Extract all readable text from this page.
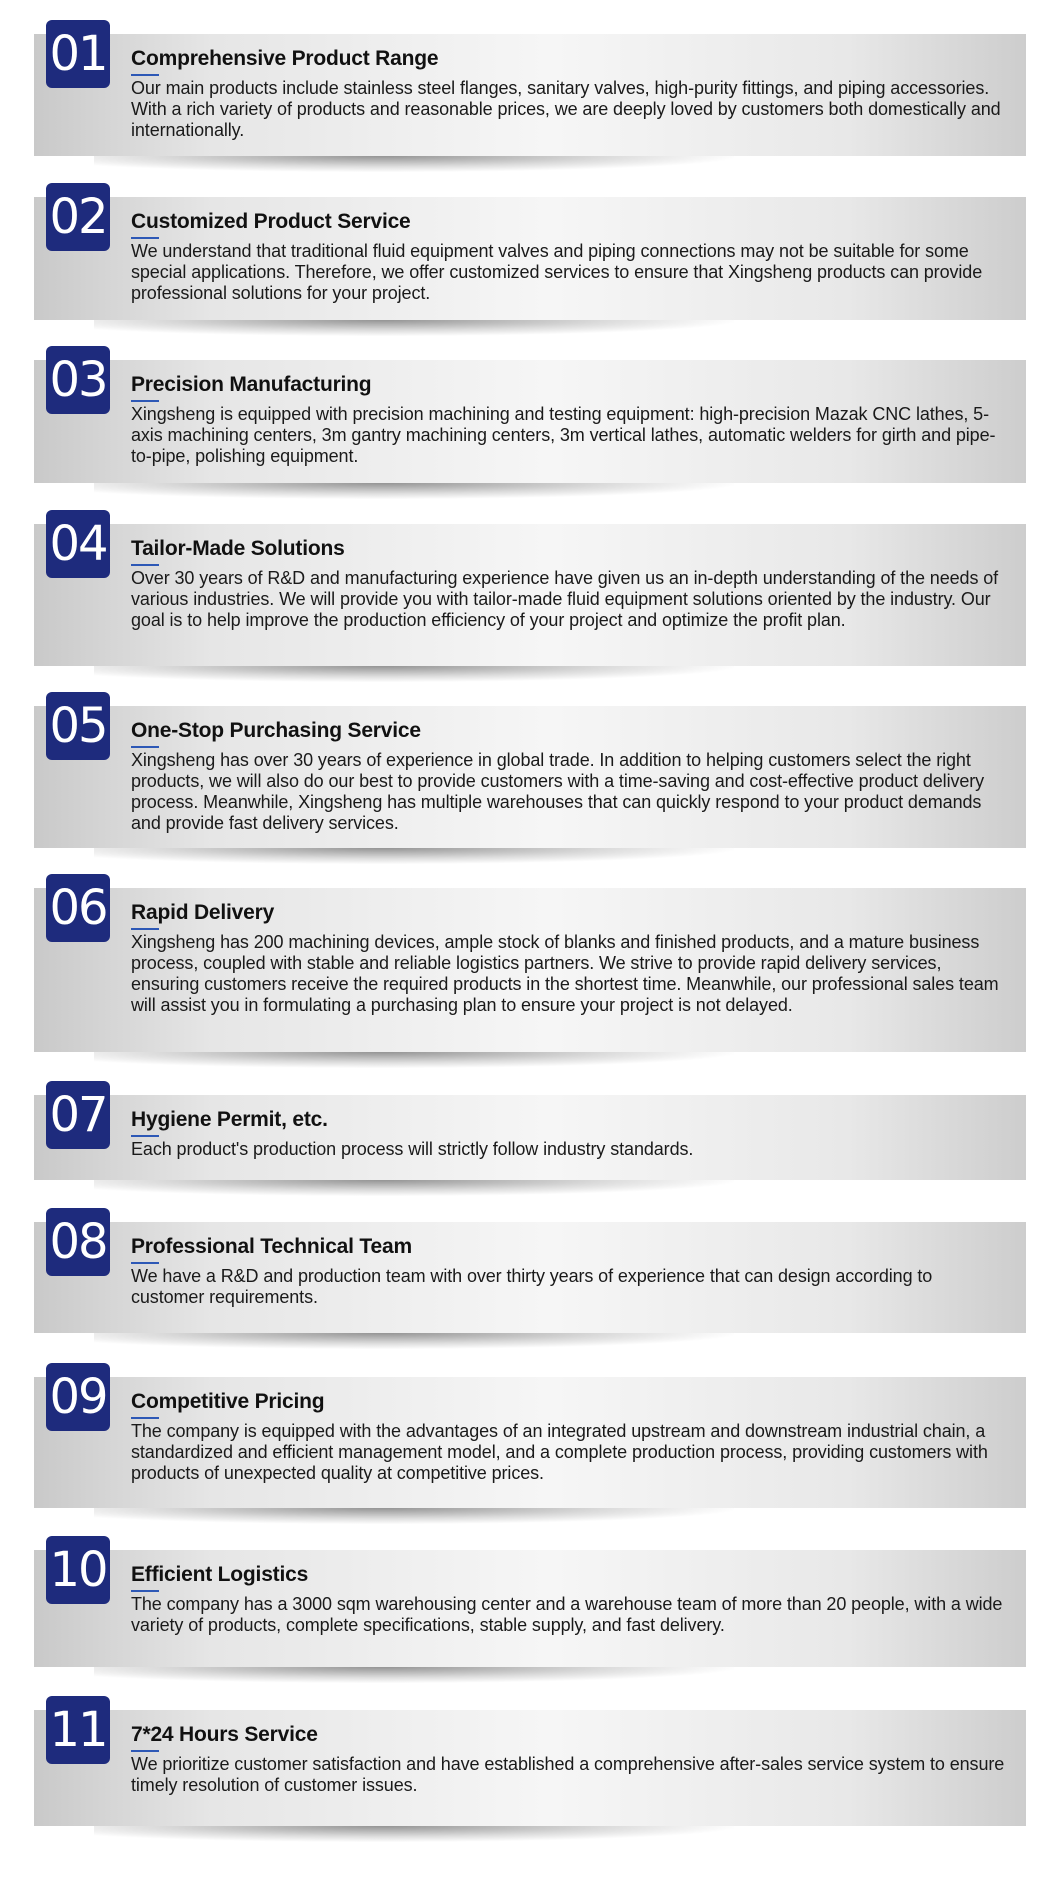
01 Comprehensive Product Range

Our main products include stainless steel flanges, sanitary valves, high-purity fittings, and piping accessories. With a rich variety of products and reasonable prices, we are deeply loved by customers both domestically and internationally.

02 Customized Product Service

We understand that traditional fluid equipment valves and piping connections may not be suitable for some special applications. Therefore, we offer customized services to ensure that Xingsheng products can provide professional solutions for your project.

03 Precision Manufacturing

Xingsheng is equipped with precision machining and testing equipment: high-precision Mazak CNC lathes, 5-axis machining centers, 3m gantry machining centers, 3m vertical lathes, automatic welders for girth and pipe-to-pipe, polishing equipment.

04 Tailor-Made Solutions

Over 30 years of R&D and manufacturing experience have given us an in-depth understanding of the needs of various industries. We will provide you with tailor-made fluid equipment solutions oriented by the industry. Our goal is to help improve the production efficiency of your project and optimize the profit plan.

05 One-Stop Purchasing Service

Xingsheng has over 30 years of experience in global trade. In addition to helping customers select the right products, we will also do our best to provide customers with a time-saving and cost-effective product delivery process. Meanwhile, Xingsheng has multiple warehouses that can quickly respond to your product demands and provide fast delivery services.

06 Rapid Delivery

Xingsheng has 200 machining devices, ample stock of blanks and finished products, and a mature business process, coupled with stable and reliable logistics partners. We strive to provide rapid delivery services, ensuring customers receive the required products in the shortest time. Meanwhile, our professional sales team will assist you in formulating a purchasing plan to ensure your project is not delayed.

07 Hygiene Permit, etc.

Each product's production process will strictly follow industry standards.

08 Professional Technical Team

We have a R&D and production team with over thirty years of experience that can design according to customer requirements.

09 Competitive Pricing

The company is equipped with the advantages of an integrated upstream and downstream industrial chain, a standardized and efficient management model, and a complete production process, providing customers with products of unexpected quality at competitive prices.

10 Efficient Logistics

The company has a 3000 sqm warehousing center and a warehouse team of more than 20 people, with a wide variety of products, complete specifications, stable supply, and fast delivery.

11 7*24 Hours Service

We prioritize customer satisfaction and have established a comprehensive after-sales service system to ensure timely resolution of customer issues.
